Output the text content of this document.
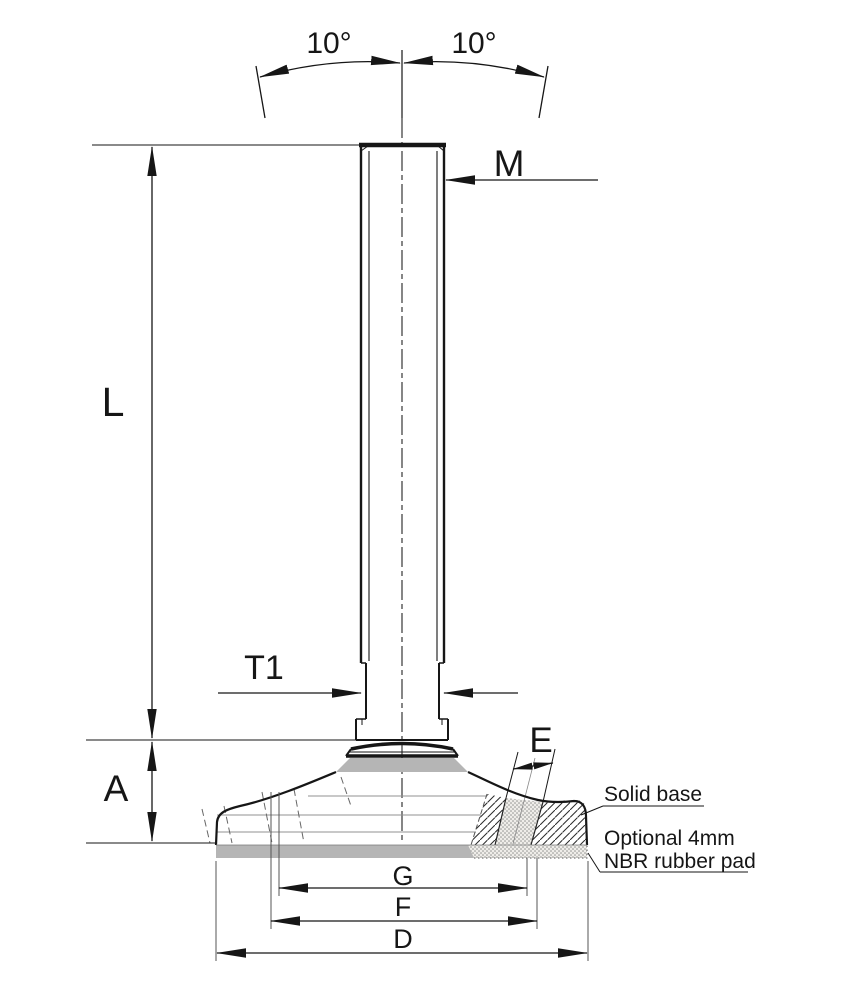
10°	10°
L
A
T1
M
E
Solid base
Optional 4mm
NBR rubber pad
G
F
D
